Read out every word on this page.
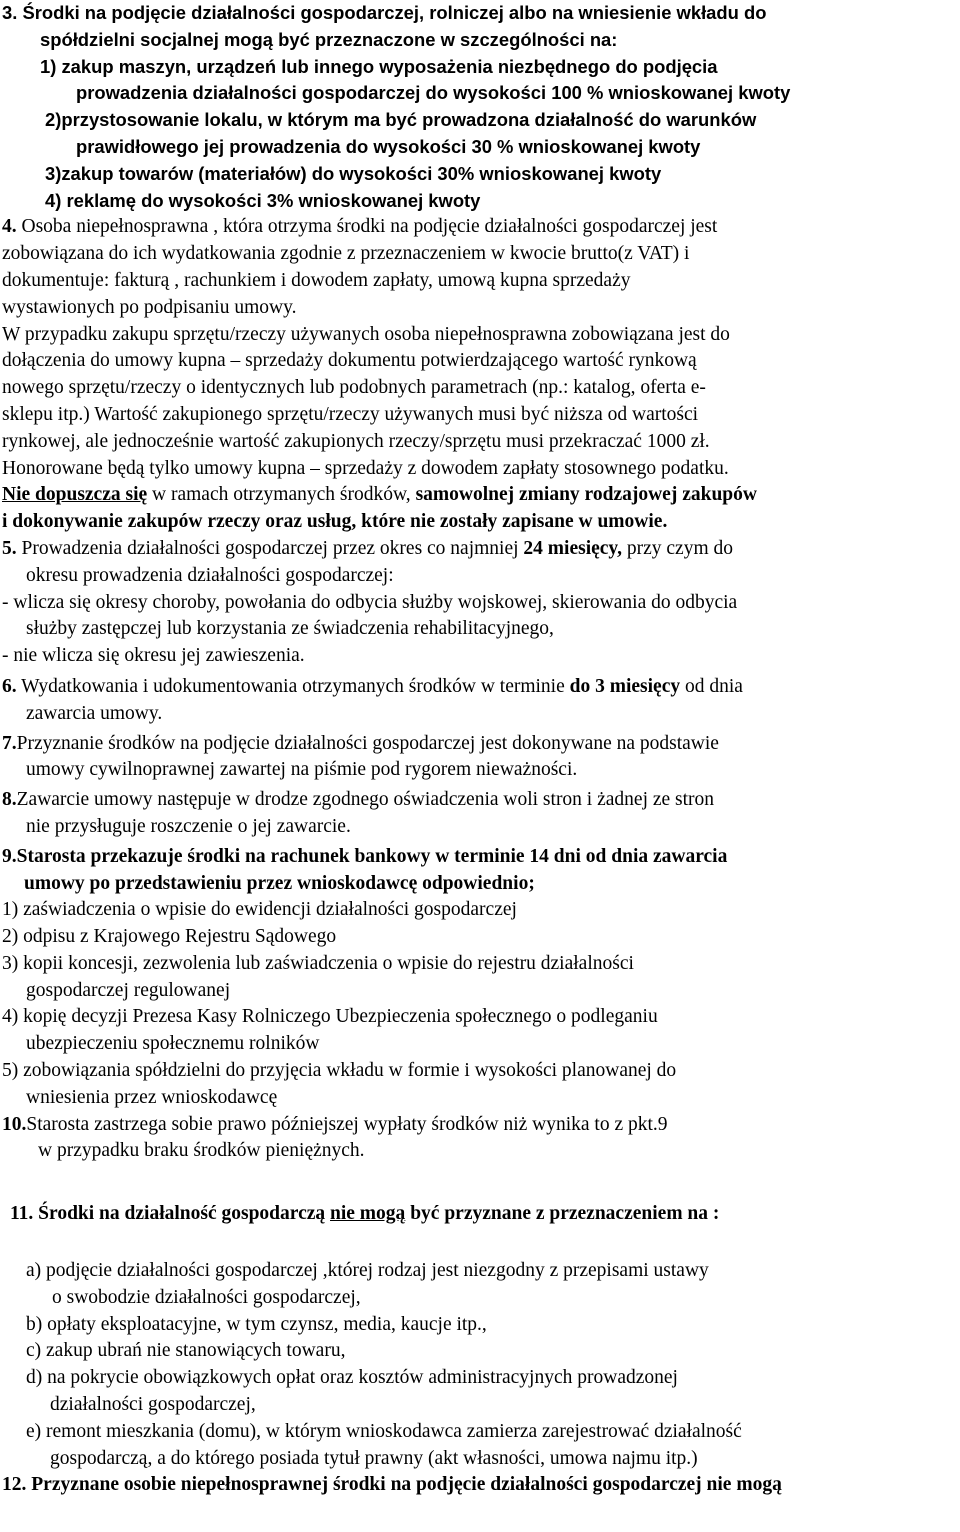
3. Środki na podjęcie działalności gospodarczej, rolniczej albo na wniesienie wkładu do
spółdzielni socjalnej mogą być przeznaczone w szczególności na:
1) zakup maszyn, urządzeń lub innego wyposażenia niezbędnego do podjęcia
prowadzenia działalności gospodarczej do wysokości 100 % wnioskowanej kwoty
2)przystosowanie lokalu, w którym ma być prowadzona działalność do warunków
prawidłowego jej prowadzenia do wysokości 30 % wnioskowanej kwoty
3)zakup towarów (materiałów) do wysokości 30% wnioskowanej kwoty
4) reklamę do wysokości 3% wnioskowanej kwoty
4. Osoba niepełnosprawna , która otrzyma środki na podjęcie działalności gospodarczej jest
zobowiązana do ich wydatkowania zgodnie z przeznaczeniem w kwocie brutto(z VAT) i
dokumentuje: fakturą , rachunkiem i dowodem zapłaty, umową kupna sprzedaży
wystawionych po podpisaniu umowy.
W przypadku zakupu sprzętu/rzeczy używanych osoba niepełnosprawna zobowiązana jest do
dołączenia do umowy kupna – sprzedaży dokumentu potwierdzającego wartość rynkową
nowego sprzętu/rzeczy o identycznych lub podobnych parametrach (np.: katalog, oferta e-
sklepu itp.) Wartość zakupionego sprzętu/rzeczy używanych musi być niższa od wartości
rynkowej, ale jednocześnie wartość zakupionych rzeczy/sprzętu musi przekraczać 1000 zł.
Honorowane będą tylko umowy kupna – sprzedaży z dowodem zapłaty stosownego podatku.
Nie dopuszcza się w ramach otrzymanych środków, samowolnej zmiany rodzajowej zakupów
i dokonywanie zakupów rzeczy oraz usług, które nie zostały zapisane w umowie.
5. Prowadzenia działalności gospodarczej przez okres co najmniej 24 miesięcy, przy czym do
okresu prowadzenia działalności gospodarczej:
- wlicza się okresy choroby, powołania do odbycia służby wojskowej, skierowania do odbycia
służby zastępczej lub korzystania ze świadczenia rehabilitacyjnego,
- nie wlicza się okresu jej zawieszenia.
6. Wydatkowania i udokumentowania otrzymanych środków w terminie do 3 miesięcy od dnia
zawarcia umowy.
7.Przyznanie środków na podjęcie działalności gospodarczej jest dokonywane na podstawie
umowy cywilnoprawnej zawartej na piśmie pod rygorem nieważności.
8.Zawarcie umowy następuje w drodze zgodnego oświadczenia woli stron i żadnej ze stron
nie przysługuje roszczenie o jej zawarcie.
9.Starosta przekazuje środki na rachunek bankowy w terminie 14 dni od dnia zawarcia
umowy po przedstawieniu przez wnioskodawcę odpowiednio;
1) zaświadczenia o wpisie do ewidencji działalności gospodarczej
2) odpisu z Krajowego Rejestru Sądowego
3) kopii koncesji, zezwolenia lub zaświadczenia o wpisie do rejestru działalności
gospodarczej regulowanej
4) kopię decyzji Prezesa Kasy Rolniczego Ubezpieczenia społecznego o podleganiu
ubezpieczeniu społecznemu rolników
5) zobowiązania spółdzielni do przyjęcia wkładu w formie i wysokości planowanej do
wniesienia przez wnioskodawcę
10.Starosta zastrzega sobie prawo późniejszej wypłaty środków niż wynika to z pkt.9
w przypadku braku środków pieniężnych.
11. Środki na działalność gospodarczą nie mogą być przyznane z przeznaczeniem na :
a) podjęcie działalności gospodarczej ,której rodzaj jest niezgodny z przepisami ustawy
o swobodzie działalności gospodarczej,
b) opłaty eksploatacyjne, w tym czynsz, media, kaucje itp.,
c) zakup ubrań nie stanowiących towaru,
d) na pokrycie obowiązkowych opłat oraz kosztów administracyjnych prowadzonej
działalności gospodarczej,
e) remont mieszkania (domu), w którym wnioskodawca zamierza zarejestrować działalność
gospodarczą, a do którego posiada tytuł prawny (akt własności, umowa najmu itp.)
12. Przyznane osobie niepełnosprawnej środki na podjęcie działalności gospodarczej nie mogą
